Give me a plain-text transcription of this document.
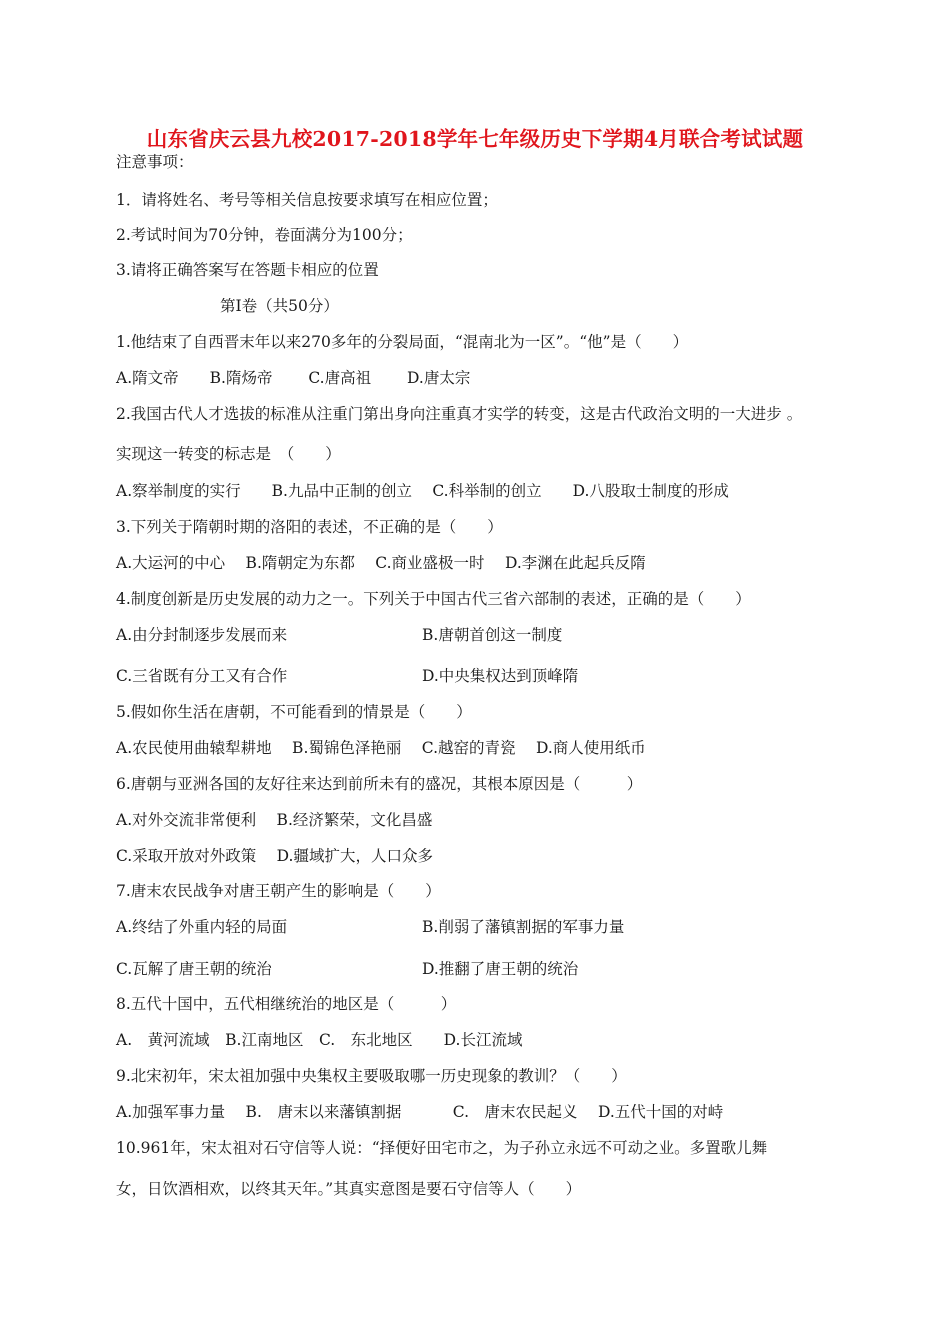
山东省庆云县九校2017-2018学年七年级历史下学期4月联合考试试题
注意事项：
1．请将姓名、考号等相关信息按要求填写在相应位置；
2.考试时间为70分钟，卷面满分为100分；
3.请将正确答案写在答题卡相应的位置
第Ⅰ卷（共50分）
1.他结束了自西晋末年以来270多年的分裂局面，“混南北为一区”。“他”是（　　）
A.隋文帝　　B.隋炀帝　　 C.唐高祖　　 D.唐太宗
2.我国古代人才选拔的标准从注重门第出身向注重真才实学的转变，这是古代政治文明的一大进步 。
实现这一转变的标志是　（　　）
A.察举制度的实行　　B.九品中正制的创立　 C.科举制的创立　　D.八股取士制度的形成
3.下列关于隋朝时期的洛阳的表述，不正确的是（　　）
A.大运河的中心　 B.隋朝定为东都　 C.商业盛极一时　 D.李渊在此起兵反隋
4.制度创新是历史发展的动力之一。下列关于中国古代三省六部制的表述，正确的是（　　）
A.由分封制逐步发展而来	B.唐朝首创这一制度
C.三省既有分工又有合作	D.中央集权达到顶峰隋
5.假如你生活在唐朝，不可能看到的情景是（　　）
A.农民使用曲辕犁耕地　 B.蜀锦色泽艳丽　 C.越窑的青瓷　 D.商人使用纸币
6.唐朝与亚洲各国的友好往来达到前所未有的盛况，其根本原因是（　　　）
A.对外交流非常便利　 B.经济繁荣，文化昌盛
C.采取开放对外政策　 D.疆域扩大，人口众多
7.唐末农民战争对唐王朝产生的影响是（　　）
A.终结了外重内轻的局面	B.削弱了藩镇割据的军事力量
C.瓦解了唐王朝的统治	D.推翻了唐王朝的统治
8.五代十国中，五代相继统治的地区是（　　　）
A.　黄河流域　B.江南地区　C.　东北地区　　D.长江流域
9.北宋初年，宋太祖加强中央集权主要吸取哪一历史现象的教训？（　　）
A.加强军事力量　 B.　唐末以来藩镇割据　　　 C.　唐末农民起义　 D.五代十国的对峙
10.961年，宋太祖对石守信等人说：“择便好田宅市之，为子孙立永远不可动之业。多置歌儿舞
女，日饮酒相欢，以终其天年。”其真实意图是要石守信等人（　　）
